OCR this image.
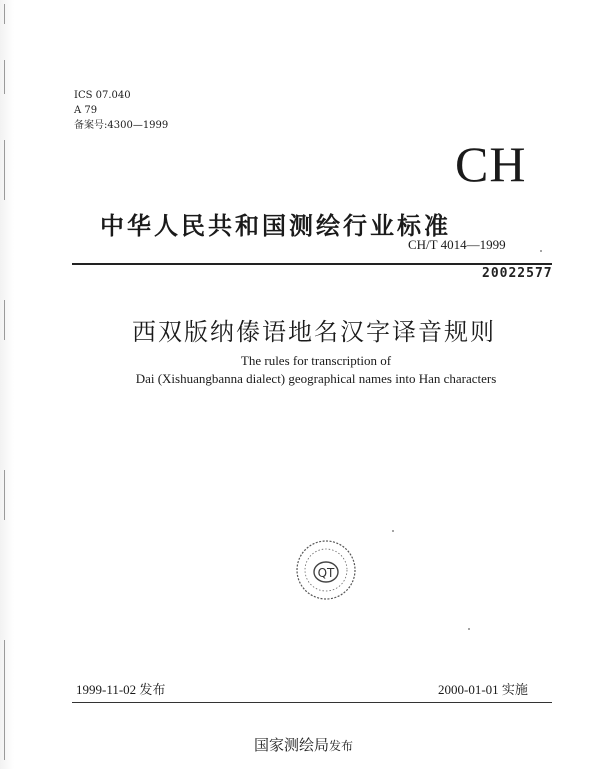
ICS 07.040
A 79
备案号:4300—1999
CH
中华人民共和国测绘行业标准
CH/T 4014—1999
20022577
西双版纳傣语地名汉字译音规则
The rules for transcription of
Dai (Xishuangbanna dialect) geographical names into Han characters
QT
1999-11-02 发布	2000-01-01 实施
国家测绘局发布
